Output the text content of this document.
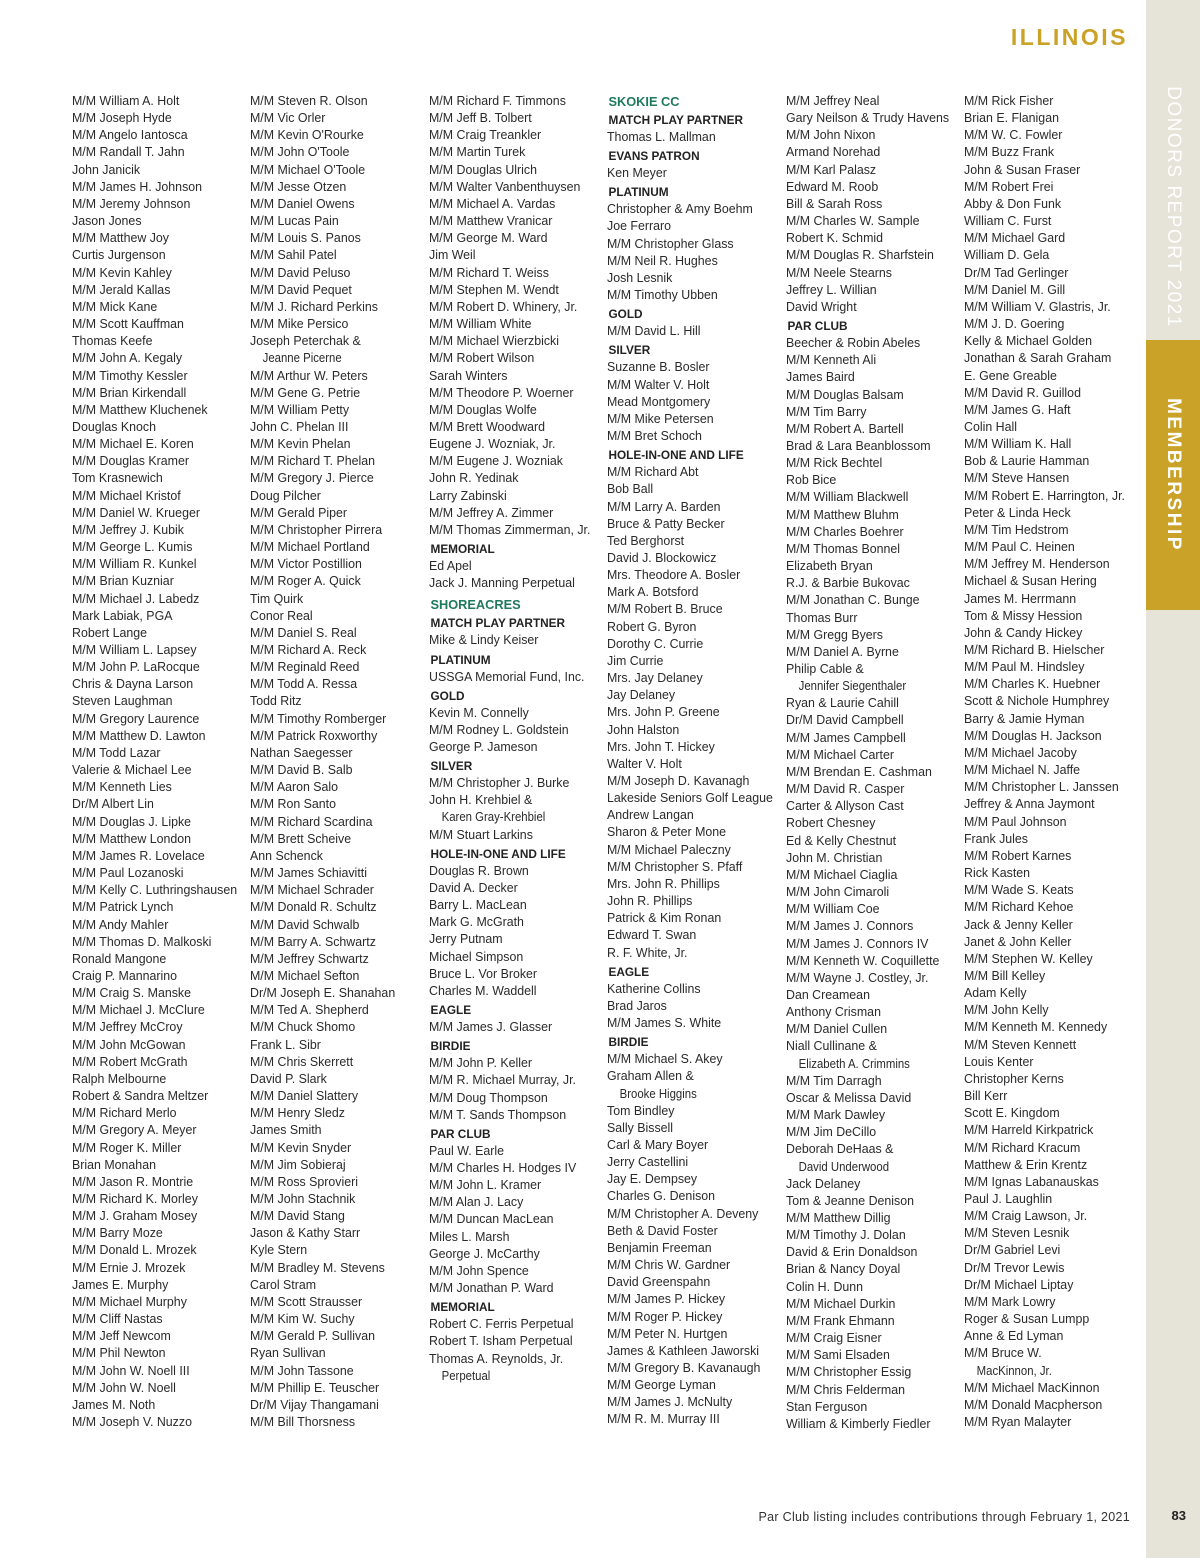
ILLINOIS
DONORS REPORT 2021
MEMBERSHIP
M/M William A. Holt
M/M Joseph Hyde
M/M Angelo Iantosca
M/M Randall T. Jahn
John Janicik
M/M James H. Johnson
M/M Jeremy Johnson
Jason Jones
M/M Matthew Joy
Curtis Jurgenson
M/M Kevin Kahley
M/M Jerald Kallas
M/M Mick Kane
M/M Scott Kauffman
Thomas Keefe
M/M John A. Kegaly
M/M Timothy Kessler
M/M Brian Kirkendall
M/M Matthew Kluchenek
Douglas Knoch
M/M Michael E. Koren
M/M Douglas Kramer
Tom Krasnewich
M/M Michael Kristof
M/M Daniel W. Krueger
M/M Jeffrey J. Kubik
M/M George L. Kumis
M/M William R. Kunkel
M/M Brian Kuzniar
M/M Michael J. Labedz
Mark Labiak, PGA
Robert Lange
M/M William L. Lapsey
M/M John P. LaRocque
Chris & Dayna Larson
Steven Laughman
M/M Gregory Laurence
M/M Matthew D. Lawton
M/M Todd Lazar
Valerie & Michael Lee
M/M Kenneth Lies
Dr/M Albert Lin
M/M Douglas J. Lipke
M/M Matthew London
M/M James R. Lovelace
M/M Paul Lozanoski
M/M Kelly C. Luthringshausen
M/M Patrick Lynch
M/M Andy Mahler
M/M Thomas D. Malkoski
Ronald Mangone
Craig P. Mannarino
M/M Craig S. Manske
M/M Michael J. McClure
M/M Jeffrey McCroy
M/M John McGowan
M/M Robert McGrath
Ralph Melbourne
Robert & Sandra Meltzer
M/M Richard Merlo
M/M Gregory A. Meyer
M/M Roger K. Miller
Brian Monahan
M/M Jason R. Montrie
M/M Richard K. Morley
M/M J. Graham Mosey
M/M Barry Moze
M/M Donald L. Mrozek
M/M Ernie J. Mrozek
James E. Murphy
M/M Michael Murphy
M/M Cliff Nastas
M/M Jeff Newcom
M/M Phil Newton
M/M John W. Noell III
M/M John W. Noell
James M. Noth
M/M Joseph V. Nuzzo
M/M Steven R. Olson
M/M Vic Orler
M/M Kevin O'Rourke
M/M John O'Toole
M/M Michael O'Toole
M/M Jesse Otzen
M/M Daniel Owens
M/M Lucas Pain
M/M Louis S. Panos
M/M Sahil Patel
M/M David Peluso
M/M David Pequet
M/M J. Richard Perkins
M/M Mike Persico
Joseph Peterchak &
Jeanne Picerne
M/M Arthur W. Peters
M/M Gene G. Petrie
M/M William Petty
John C. Phelan III
M/M Kevin Phelan
M/M Richard T. Phelan
M/M Gregory J. Pierce
Doug Pilcher
M/M Gerald Piper
M/M Christopher Pirrera
M/M Michael Portland
M/M Victor Postillion
M/M Roger A. Quick
Tim Quirk
Conor Real
M/M Daniel S. Real
M/M Richard A. Reck
M/M Reginald Reed
M/M Todd A. Ressa
Todd Ritz
M/M Timothy Romberger
M/M Patrick Roxworthy
Nathan Saegesser
M/M David B. Salb
M/M Aaron Salo
M/M Ron Santo
M/M Richard Scardina
M/M Brett Scheive
Ann Schenck
M/M James Schiavitti
M/M Michael Schrader
M/M Donald R. Schultz
M/M David Schwalb
M/M Barry A. Schwartz
M/M Jeffrey Schwartz
M/M Michael Sefton
Dr/M Joseph E. Shanahan
M/M Ted A. Shepherd
M/M Chuck Shomo
Frank L. Sibr
M/M Chris Skerrett
David P. Slark
M/M Daniel Slattery
M/M Henry Sledz
James Smith
M/M Kevin Snyder
M/M Jim Sobieraj
M/M Ross Sprovieri
M/M John Stachnik
M/M David Stang
Jason & Kathy Starr
Kyle Stern
M/M Bradley M. Stevens
Carol Stram
M/M Scott Strausser
M/M Kim W. Suchy
M/M Gerald P. Sullivan
Ryan Sullivan
M/M John Tassone
M/M Phillip E. Teuscher
Dr/M Vijay Thangamani
M/M Bill Thorsness
M/M Richard F. Timmons
M/M Jeff B. Tolbert
M/M Craig Treankler
M/M Martin Turek
M/M Douglas Ulrich
M/M Walter Vanbenthuysen
M/M Michael A. Vardas
M/M Matthew Vranicar
M/M George M. Ward
Jim Weil
M/M Richard T. Weiss
M/M Stephen M. Wendt
M/M Robert D. Whinery, Jr.
M/M William White
M/M Michael Wierzbicki
M/M Robert Wilson
Sarah Winters
M/M Theodore P. Woerner
M/M Douglas Wolfe
M/M Brett Woodward
Eugene J. Wozniak, Jr.
M/M Eugene J. Wozniak
John R. Yedinak
Larry Zabinski
M/M Jeffrey A. Zimmer
M/M Thomas Zimmerman, Jr.
MEMORIAL
Ed Apel
Jack J. Manning Perpetual
SHOREACRES
MATCH PLAY PARTNER
Mike & Lindy Keiser
PLATINUM
USSGA Memorial Fund, Inc.
GOLD
Kevin M. Connelly
M/M Rodney L. Goldstein
George P. Jameson
SILVER
M/M Christopher J. Burke
John H. Krehbiel &
Karen Gray-Krehbiel
M/M Stuart Larkins
HOLE-IN-ONE AND LIFE
Douglas R. Brown
David A. Decker
Barry L. MacLean
Mark G. McGrath
Jerry Putnam
Michael Simpson
Bruce L. Vor Broker
Charles M. Waddell
EAGLE
M/M James J. Glasser
BIRDIE
M/M John P. Keller
M/M R. Michael Murray, Jr.
M/M Doug Thompson
M/M T. Sands Thompson
PAR CLUB
Paul W. Earle
M/M Charles H. Hodges IV
M/M John L. Kramer
M/M Alan J. Lacy
M/M Duncan MacLean
Miles L. Marsh
George J. McCarthy
M/M John Spence
M/M Jonathan P. Ward
MEMORIAL
Robert C. Ferris Perpetual
Robert T. Isham Perpetual
Thomas A. Reynolds, Jr.
Perpetual
SKOKIE CC
MATCH PLAY PARTNER
Thomas L. Mallman
EVANS PATRON
Ken Meyer
PLATINUM
Christopher & Amy Boehm
Joe Ferraro
M/M Christopher Glass
M/M Neil R. Hughes
Josh Lesnik
M/M Timothy Ubben
GOLD
M/M David L. Hill
SILVER
Suzanne B. Bosler
M/M Walter V. Holt
Mead Montgomery
M/M Mike Petersen
M/M Bret Schoch
HOLE-IN-ONE AND LIFE
M/M Richard Abt
Bob Ball
M/M Larry A. Barden
Bruce & Patty Becker
Ted Berghorst
David J. Blockowicz
Mrs. Theodore A. Bosler
Mark A. Botsford
M/M Robert B. Bruce
Robert G. Byron
Dorothy C. Currie
Jim Currie
Mrs. Jay Delaney
Jay Delaney
Mrs. John P. Greene
John Halston
Mrs. John T. Hickey
Walter V. Holt
M/M Joseph D. Kavanagh
Lakeside Seniors Golf League
Andrew Langan
Sharon & Peter Mone
M/M Michael Paleczny
M/M Christopher S. Pfaff
Mrs. John R. Phillips
John R. Phillips
Patrick & Kim Ronan
Edward T. Swan
R. F. White, Jr.
EAGLE
Katherine Collins
Brad Jaros
M/M James S. White
BIRDIE
M/M Michael S. Akey
Graham Allen &
Brooke Higgins
Tom Bindley
Sally Bissell
Carl & Mary Boyer
Jerry Castellini
Jay E. Dempsey
Charles G. Denison
M/M Christopher A. Deveny
Beth & David Foster
Benjamin Freeman
M/M Chris W. Gardner
David Greenspahn
M/M James P. Hickey
M/M Roger P. Hickey
M/M Peter N. Hurtgen
James & Kathleen Jaworski
M/M Gregory B. Kavanaugh
M/M George Lyman
M/M James J. McNulty
M/M R. M. Murray III
M/M Jeffrey Neal
Gary Neilson & Trudy Havens
M/M John Nixon
Armand Norehad
M/M Karl Palasz
Edward M. Roob
Bill & Sarah Ross
M/M Charles W. Sample
Robert K. Schmid
M/M Douglas R. Sharfstein
M/M Neele Stearns
Jeffrey L. Willian
David Wright
PAR CLUB
Beecher & Robin Abeles
M/M Kenneth Ali
James Baird
M/M Douglas Balsam
M/M Tim Barry
M/M Robert A. Bartell
Brad & Lara Beanblossom
M/M Rick Bechtel
Rob Bice
M/M William Blackwell
M/M Matthew Bluhm
M/M Charles Boehrer
M/M Thomas Bonnel
Elizabeth Bryan
R.J. & Barbie Bukovac
M/M Jonathan C. Bunge
Thomas Burr
M/M Gregg Byers
M/M Daniel A. Byrne
Philip Cable &
Jennifer Siegenthaler
Ryan & Laurie Cahill
Dr/M David Campbell
M/M James Campbell
M/M Michael Carter
M/M Brendan E. Cashman
M/M David R. Casper
Carter & Allyson Cast
Robert Chesney
Ed & Kelly Chestnut
John M. Christian
M/M Michael Ciaglia
M/M John Cimaroli
M/M William Coe
M/M James J. Connors
M/M James J. Connors IV
M/M Kenneth W. Coquillette
M/M Wayne J. Costley, Jr.
Dan Creamean
Anthony Crisman
M/M Daniel Cullen
Niall Cullinane &
Elizabeth A. Crimmins
M/M Tim Darragh
Oscar & Melissa David
M/M Mark Dawley
M/M Jim DeCillo
Deborah DeHaas &
David Underwood
Jack Delaney
Tom & Jeanne Denison
M/M Matthew Dillig
M/M Timothy J. Dolan
David & Erin Donaldson
Brian & Nancy Doyal
Colin H. Dunn
M/M Michael Durkin
M/M Frank Ehmann
M/M Craig Eisner
M/M Sami Elsaden
M/M Christopher Essig
M/M Chris Felderman
Stan Ferguson
William & Kimberly Fiedler
M/M Rick Fisher
Brian E. Flanigan
M/M W. C. Fowler
M/M Buzz Frank
John & Susan Fraser
M/M Robert Frei
Abby & Don Funk
William C. Furst
M/M Michael Gard
William D. Gela
Dr/M Tad Gerlinger
M/M Daniel M. Gill
M/M William V. Glastris, Jr.
M/M J. D. Goering
Kelly & Michael Golden
Jonathan & Sarah Graham
E. Gene Greable
M/M David R. Guillod
M/M James G. Haft
Colin Hall
M/M William K. Hall
Bob & Laurie Hamman
M/M Steve Hansen
M/M Robert E. Harrington, Jr.
Peter & Linda Heck
M/M Tim Hedstrom
M/M Paul C. Heinen
M/M Jeffrey M. Henderson
Michael & Susan Hering
James M. Herrmann
Tom & Missy Hession
John & Candy Hickey
M/M Richard B. Hielscher
M/M Paul M. Hindsley
M/M Charles K. Huebner
Scott & Nichole Humphrey
Barry & Jamie Hyman
M/M Douglas H. Jackson
M/M Michael Jacoby
M/M Michael N. Jaffe
M/M Christopher L. Janssen
Jeffrey & Anna Jaymont
M/M Paul Johnson
Frank Jules
M/M Robert Karnes
Rick Kasten
M/M Wade S. Keats
M/M Richard Kehoe
Jack & Jenny Keller
Janet & John Keller
M/M Stephen W. Kelley
M/M Bill Kelley
Adam Kelly
M/M John Kelly
M/M Kenneth M. Kennedy
M/M Steven Kennett
Louis Kenter
Christopher Kerns
Bill Kerr
Scott E. Kingdom
M/M Harreld Kirkpatrick
M/M Richard Kracum
Matthew & Erin Krentz
M/M Ignas Labanauskas
Paul J. Laughlin
M/M Craig Lawson, Jr.
M/M Steven Lesnik
Dr/M Gabriel Levi
Dr/M Trevor Lewis
Dr/M Michael Liptay
M/M Mark Lowry
Roger & Susan Lumpp
Anne & Ed Lyman
M/M Bruce W.
MacKinnon, Jr.
M/M Michael MacKinnon
M/M Donald Macpherson
M/M Ryan Malayter
Par Club listing includes contributions through February 1, 2021	83
